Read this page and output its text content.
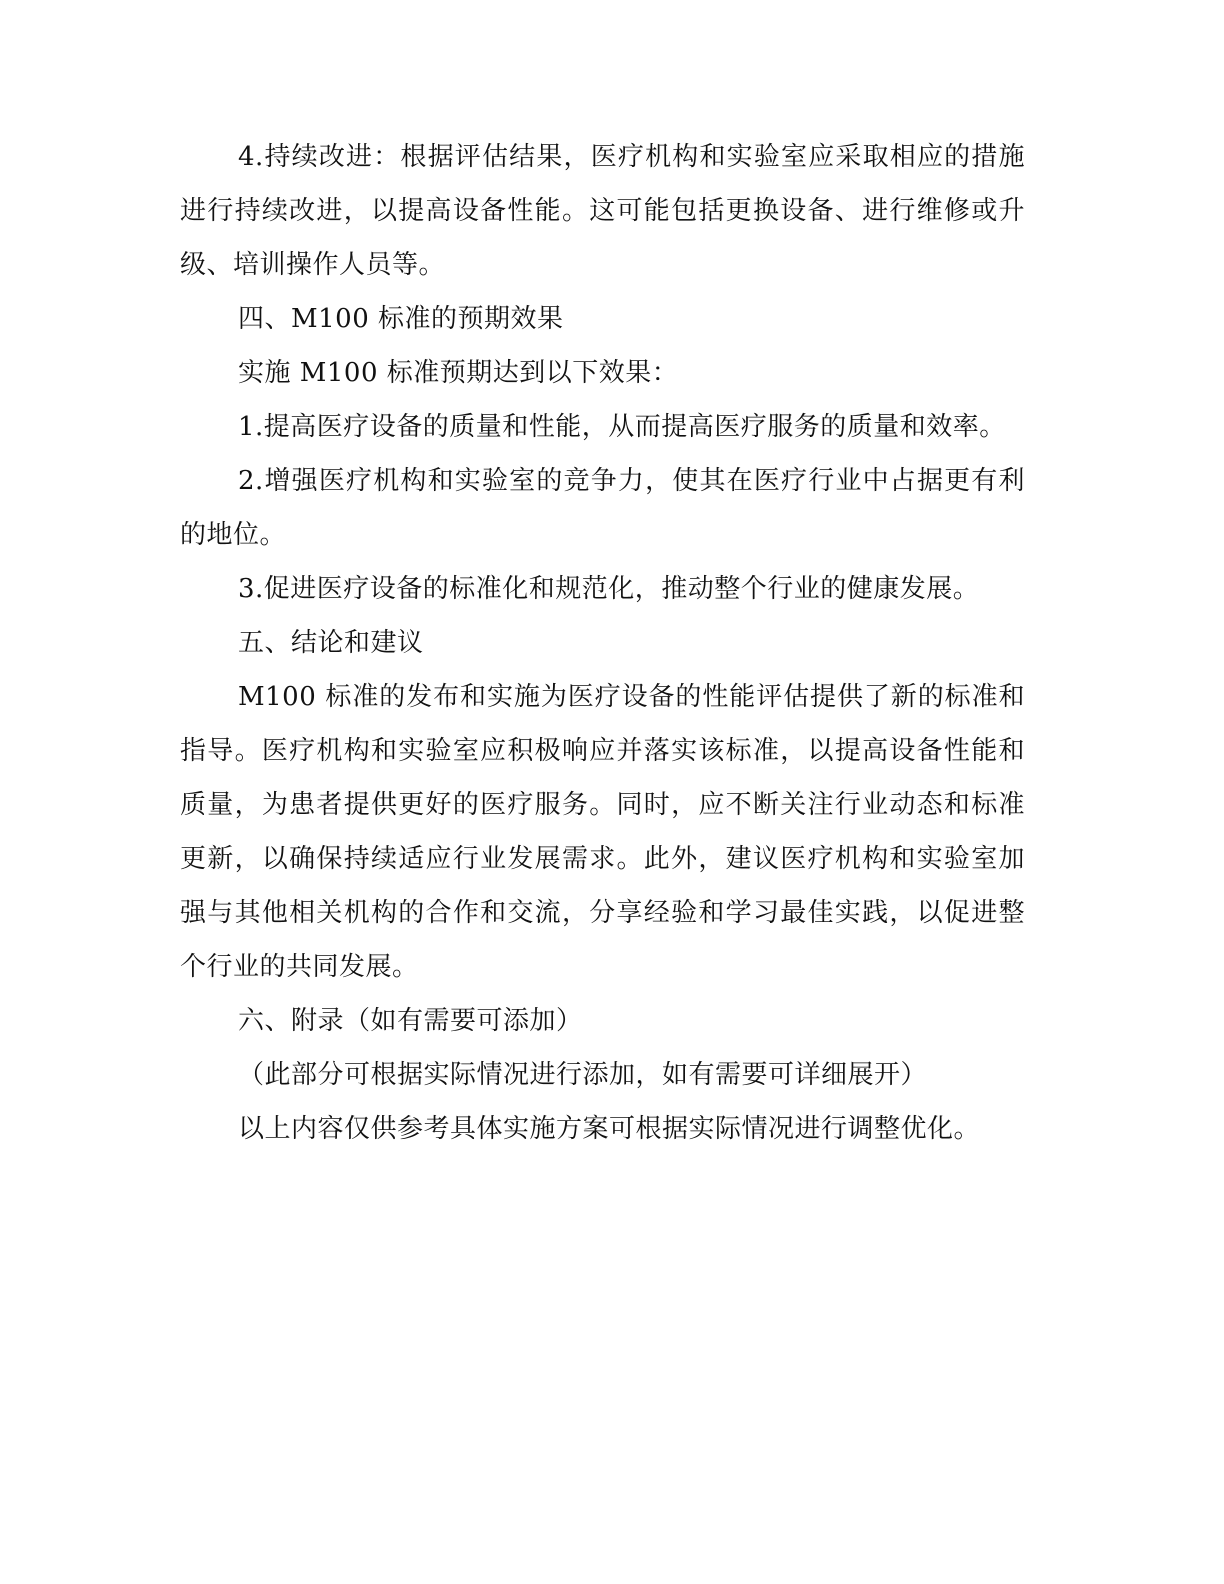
4.持续改进：根据评估结果，医疗机构和实验室应采取相应的措施进行持续改进，以提高设备性能。这可能包括更换设备、进行维修或升级、培训操作人员等。

四、M100 标准的预期效果

实施 M100 标准预期达到以下效果：

1.提高医疗设备的质量和性能，从而提高医疗服务的质量和效率。

2.增强医疗机构和实验室的竞争力，使其在医疗行业中占据更有利的地位。

3.促进医疗设备的标准化和规范化，推动整个行业的健康发展。

五、结论和建议

M100 标准的发布和实施为医疗设备的性能评估提供了新的标准和指导。医疗机构和实验室应积极响应并落实该标准，以提高设备性能和质量，为患者提供更好的医疗服务。同时，应不断关注行业动态和标准更新，以确保持续适应行业发展需求。此外，建议医疗机构和实验室加强与其他相关机构的合作和交流，分享经验和学习最佳实践，以促进整个行业的共同发展。

六、附录（如有需要可添加）

（此部分可根据实际情况进行添加，如有需要可详细展开）

以上内容仅供参考具体实施方案可根据实际情况进行调整优化。
